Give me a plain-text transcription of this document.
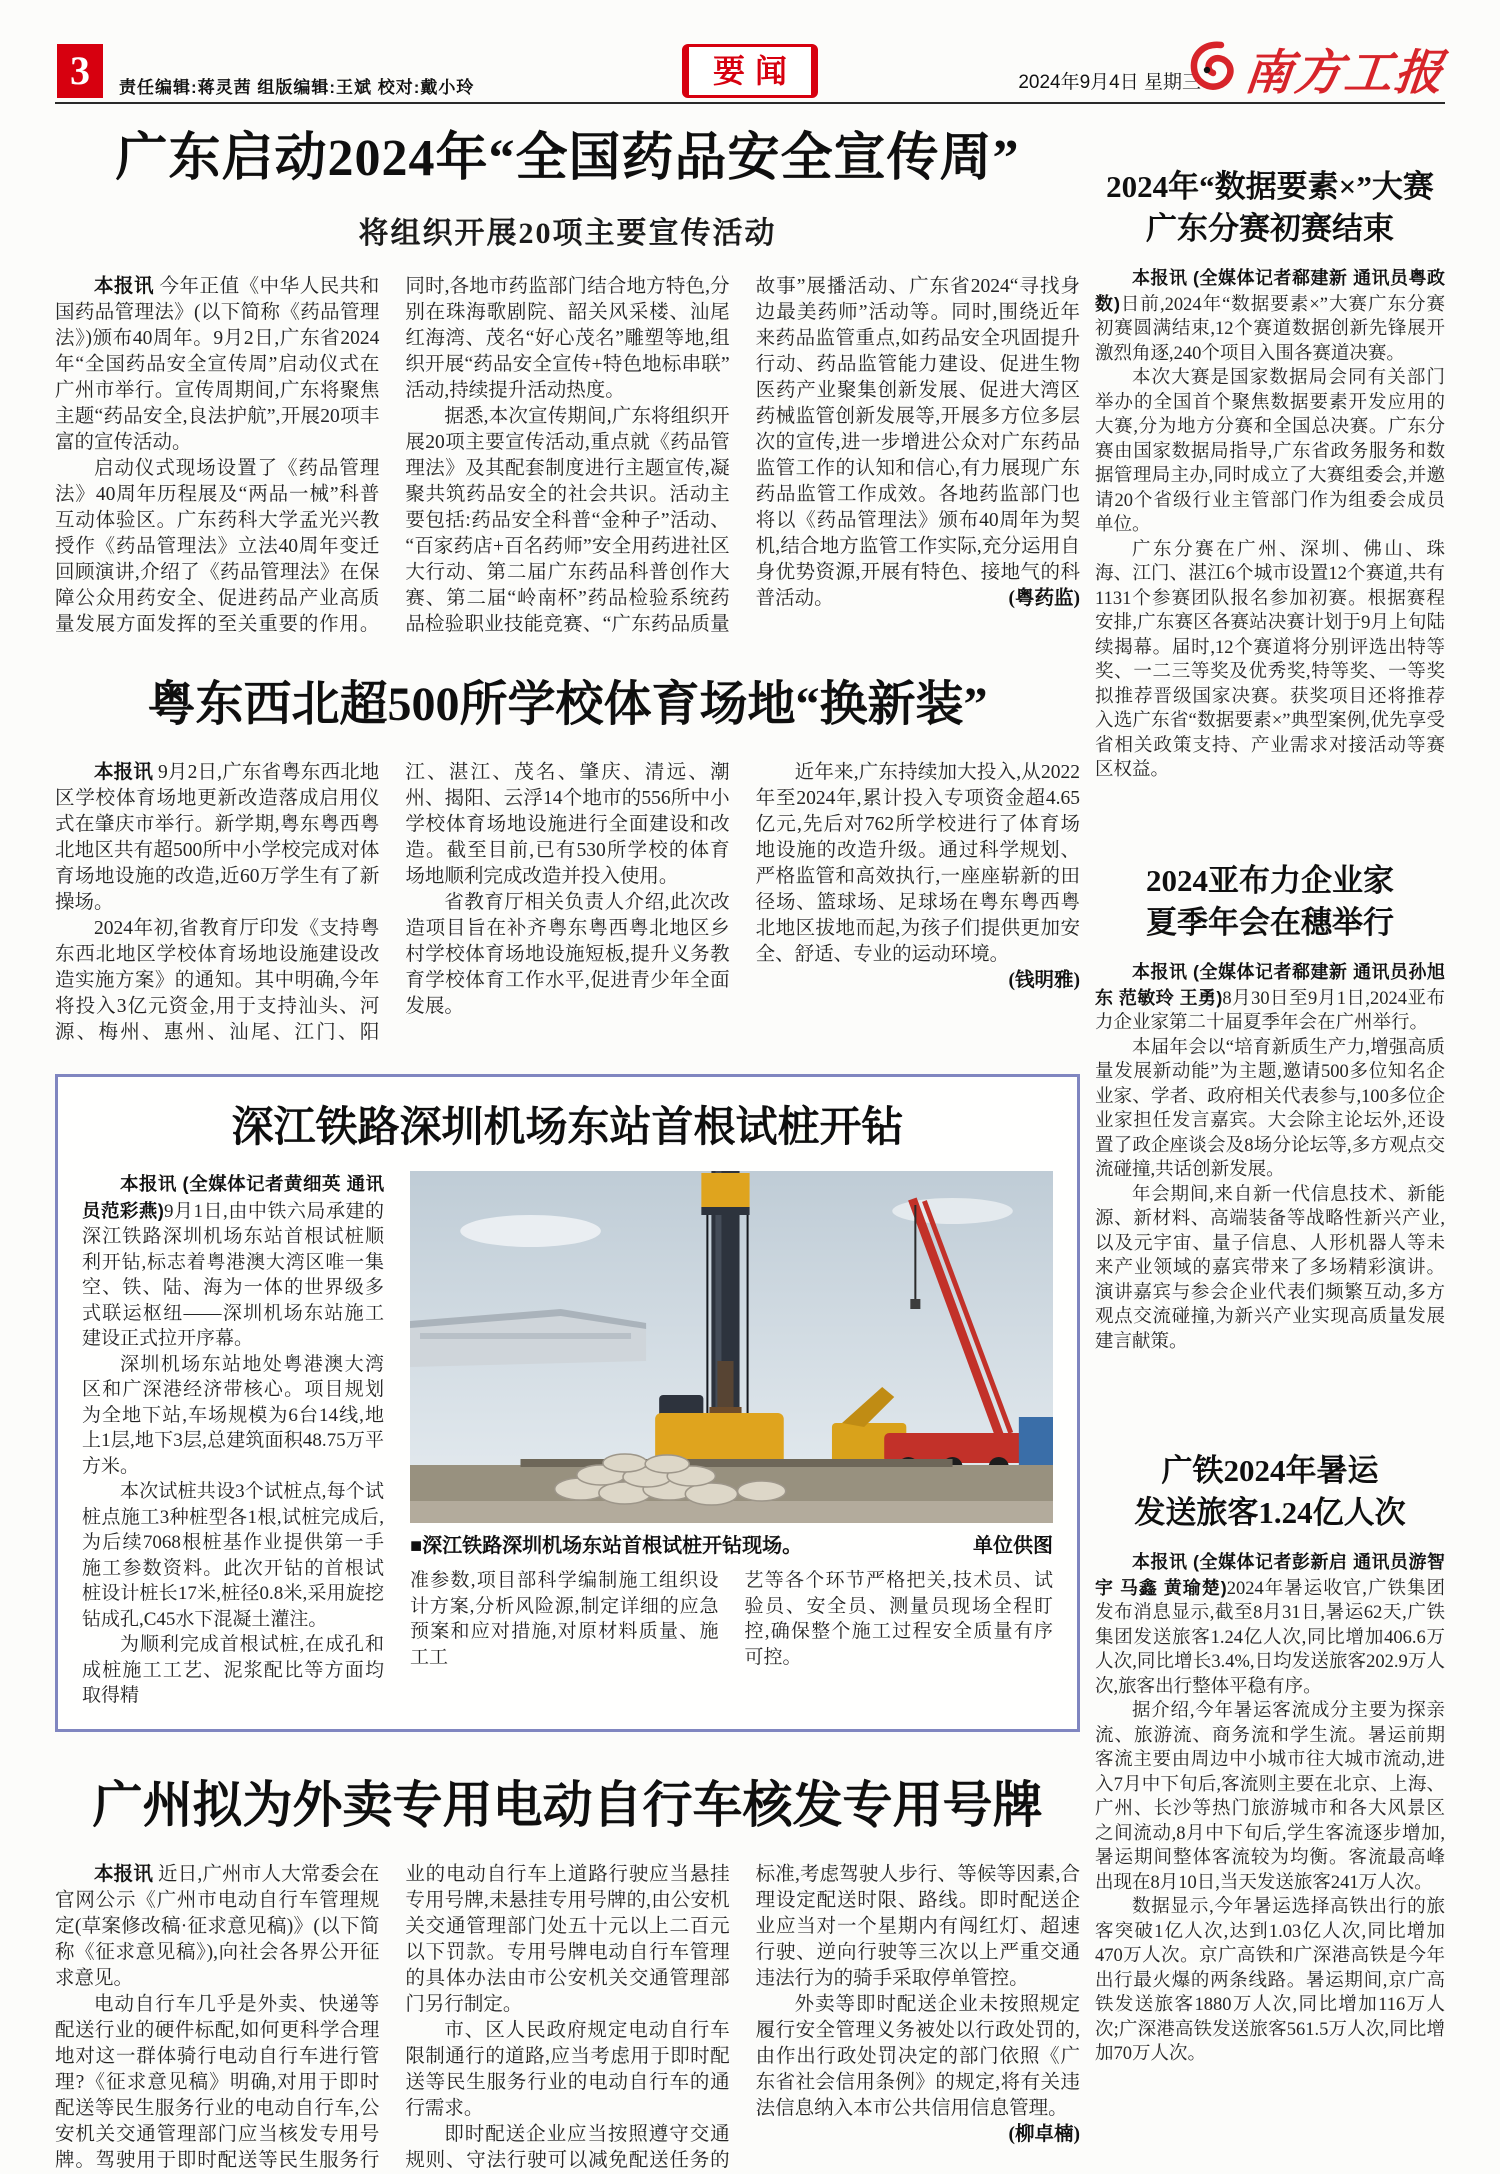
3	责任编辑:蒋灵茜 组版编辑:王斌 校对:戴小玲	要闻	2024年9月4日 星期三 南方工报
广东启动2024年“全国药品安全宣传周”
将组织开展20项主要宣传活动

本报讯 今年正值《中华人民共和国药品管理法》(以下简称《药品管理法》)颁布40周年。9月2日,广东省2024年“全国药品安全宣传周”启动仪式在广州市举行。宣传周期间,广东将聚焦主题“药品安全,良法护航”,开展20项丰富的宣传活动。

启动仪式现场设置了《药品管理法》40周年历程展及“两品一械”科普互动体验区。广东药科大学孟光兴教授作《药品管理法》立法40周年变迁回顾演讲,介绍了《药品管理法》在保障公众用药安全、促进药品产业高质量发展方面发挥的至关重要的作用。同时,各地市药监部门结合地方特色,分别在珠海歌剧院、韶关风采楼、汕尾红海湾、茂名“好心茂名”雕塑等地,组织开展“药品安全宣传+特色地标串联”活动,持续提升活动热度。

据悉,本次宣传期间,广东将组织开展20项主要宣传活动,重点就《药品管理法》及其配套制度进行主题宣传,凝聚共筑药品安全的社会共识。活动主要包括:药品安全科普“金种子”活动、“百家药店+百名药师”安全用药进社区大行动、第二届广东药品科普创作大赛、第二届“岭南杯”药品检验系统药品检验职业技能竞赛、“广东药品质量故事”展播活动、广东省2024“寻找身边最美药师”活动等。同时,围绕近年来药品监管重点,如药品安全巩固提升行动、药品监管能力建设、促进生物医药产业聚集创新发展、促进大湾区药械监管创新发展等,开展多方位多层次的宣传,进一步增进公众对广东药品监管工作的认知和信心,有力展现广东药品监管工作成效。各地药监部门也将以《药品管理法》颁布40周年为契机,结合地方监管工作实际,充分运用自身优势资源,开展有特色、接地气的科普活动。	(粤药监)

粤东西北超500所学校体育场地“换新装”

本报讯 9月2日,广东省粤东西北地区学校体育场地更新改造落成启用仪式在肇庆市举行。新学期,粤东粤西粤北地区共有超500所中小学校完成对体育场地设施的改造,近60万学生有了新操场。

2024年初,省教育厅印发《支持粤东西北地区学校体育场地设施建设改造实施方案》的通知。其中明确,今年将投入3亿元资金,用于支持汕头、河源、梅州、惠州、汕尾、江门、阳江、湛江、茂名、肇庆、清远、潮州、揭阳、云浮14个地市的556所中小学校体育场地设施进行全面建设和改造。截至目前,已有530所学校的体育场地顺利完成改造并投入使用。

省教育厅相关负责人介绍,此次改造项目旨在补齐粤东粤西粤北地区乡村学校体育场地设施短板,提升义务教育学校体育工作水平,促进青少年全面发展。

近年来,广东持续加大投入,从2022年至2024年,累计投入专项资金超4.65亿元,先后对762所学校进行了体育场地设施的改造升级。通过科学规划、严格监管和高效执行,一座座崭新的田径场、篮球场、足球场在粤东粤西粤北地区拔地而起,为孩子们提供更加安全、舒适、专业的运动环境。
(钱明雅)

深江铁路深圳机场东站首根试桩开钻

本报讯 (全媒体记者黄细英 通讯员范彩燕)9月1日,由中铁六局承建的深江铁路深圳机场东站首根试桩顺利开钻,标志着粤港澳大湾区唯一集空、铁、陆、海为一体的世界级多式联运枢纽——深圳机场东站施工建设正式拉开序幕。

深圳机场东站地处粤港澳大湾区和广深港经济带核心。项目规划为全地下站,车场规模为6台14线,地上1层,地下3层,总建筑面积48.75万平方米。

本次试桩共设3个试桩点,每个试桩点施工3种桩型各1根,试桩完成后,为后续7068根桩基作业提供第一手施工参数资料。此次开钻的首根试桩设计桩长17米,桩径0.8米,采用旋挖钻成孔,C45水下混凝土灌注。

为顺利完成首根试桩,在成孔和成桩施工工艺、泥浆配比等方面均取得精

■深江铁路深圳机场东站首根试桩开钻现场。	单位供图
准参数,项目部科学编制施工组织设计方案,分析风险源,制定详细的应急预案和应对措施,对原材料质量、施工工
艺等各个环节严格把关,技术员、试验员、安全员、测量员现场全程盯控,确保整个施工过程安全质量有序可控。
广州拟为外卖专用电动自行车核发专用号牌

本报讯 近日,广州市人大常委会在官网公示《广州市电动自行车管理规定(草案修改稿·征求意见稿)》(以下简称《征求意见稿》),向社会各界公开征求意见。

电动自行车几乎是外卖、快递等配送行业的硬件标配,如何更科学合理地对这一群体骑行电动自行车进行管理?《征求意见稿》明确,对用于即时配送等民生服务行业的电动自行车,公安机关交通管理部门应当核发专用号牌。驾驶用于即时配送等民生服务行业的电动自行车上道路行驶应当悬挂专用号牌,未悬挂专用号牌的,由公安机关交通管理部门处五十元以上二百元以下罚款。专用号牌电动自行车管理的具体办法由市公安机关交通管理部门另行制定。

市、区人民政府规定电动自行车限制通行的道路,应当考虑用于即时配送等民生服务行业的电动自行车的通行需求。

即时配送企业应当按照遵守交通规则、守法行驶可以减免配送任务的标准,考虑驾驶人步行、等候等因素,合理设定配送时限、路线。即时配送企业应当对一个星期内有闯红灯、超速行驶、逆向行驶等三次以上严重交通违法行为的骑手采取停单管控。

外卖等即时配送企业未按照规定履行安全管理义务被处以行政处罚的,由作出行政处罚决定的部门依照《广东省社会信用条例》的规定,将有关违法信息纳入本市公共信用信息管理。
(柳卓楠)

2024年“数据要素×”大赛
广东分赛初赛结束

本报讯 (全媒体记者郗建新 通讯员粤政数)日前,2024年“数据要素×”大赛广东分赛初赛圆满结束,12个赛道数据创新先锋展开激烈角逐,240个项目入围各赛道决赛。

本次大赛是国家数据局会同有关部门举办的全国首个聚焦数据要素开发应用的大赛,分为地方分赛和全国总决赛。广东分赛由国家数据局指导,广东省政务服务和数据管理局主办,同时成立了大赛组委会,并邀请20个省级行业主管部门作为组委会成员单位。

广东分赛在广州、深圳、佛山、珠海、江门、湛江6个城市设置12个赛道,共有1131个参赛团队报名参加初赛。根据赛程安排,广东赛区各赛站决赛计划于9月上旬陆续揭幕。届时,12个赛道将分别评选出特等奖、一二三等奖及优秀奖,特等奖、一等奖拟推荐晋级国家决赛。获奖项目还将推荐入选广东省“数据要素×”典型案例,优先享受省相关政策支持、产业需求对接活动等赛区权益。

2024亚布力企业家
夏季年会在穗举行

本报讯 (全媒体记者郗建新 通讯员孙旭东 范敏玲 王勇)8月30日至9月1日,2024亚布力企业家第二十届夏季年会在广州举行。

本届年会以“培育新质生产力,增强高质量发展新动能”为主题,邀请500多位知名企业家、学者、政府相关代表参与,100多位企业家担任发言嘉宾。大会除主论坛外,还设置了政企座谈会及8场分论坛等,多方观点交流碰撞,共话创新发展。

年会期间,来自新一代信息技术、新能源、新材料、高端装备等战略性新兴产业,以及元宇宙、量子信息、人形机器人等未来产业领域的嘉宾带来了多场精彩演讲。演讲嘉宾与参会企业代表们频繁互动,多方观点交流碰撞,为新兴产业实现高质量发展建言献策。

广铁2024年暑运
发送旅客1.24亿人次

本报讯 (全媒体记者彭新启 通讯员游智宇 马鑫 黄瑜楚)2024年暑运收官,广铁集团发布消息显示,截至8月31日,暑运62天,广铁集团发送旅客1.24亿人次,同比增加406.6万人次,同比增长3.4%,日均发送旅客202.9万人次,旅客出行整体平稳有序。

据介绍,今年暑运客流成分主要为探亲流、旅游流、商务流和学生流。暑运前期客流主要由周边中小城市往大城市流动,进入7月中下旬后,客流则主要在北京、上海、广州、长沙等热门旅游城市和各大风景区之间流动,8月中下旬后,学生客流逐步增加,暑运期间整体客流较为均衡。客流最高峰出现在8月10日,当天发送旅客241万人次。

数据显示,今年暑运选择高铁出行的旅客突破1亿人次,达到1.03亿人次,同比增加470万人次。京广高铁和广深港高铁是今年出行最火爆的两条线路。暑运期间,京广高铁发送旅客1880万人次,同比增加116万人次;广深港高铁发送旅客561.5万人次,同比增加70万人次。
